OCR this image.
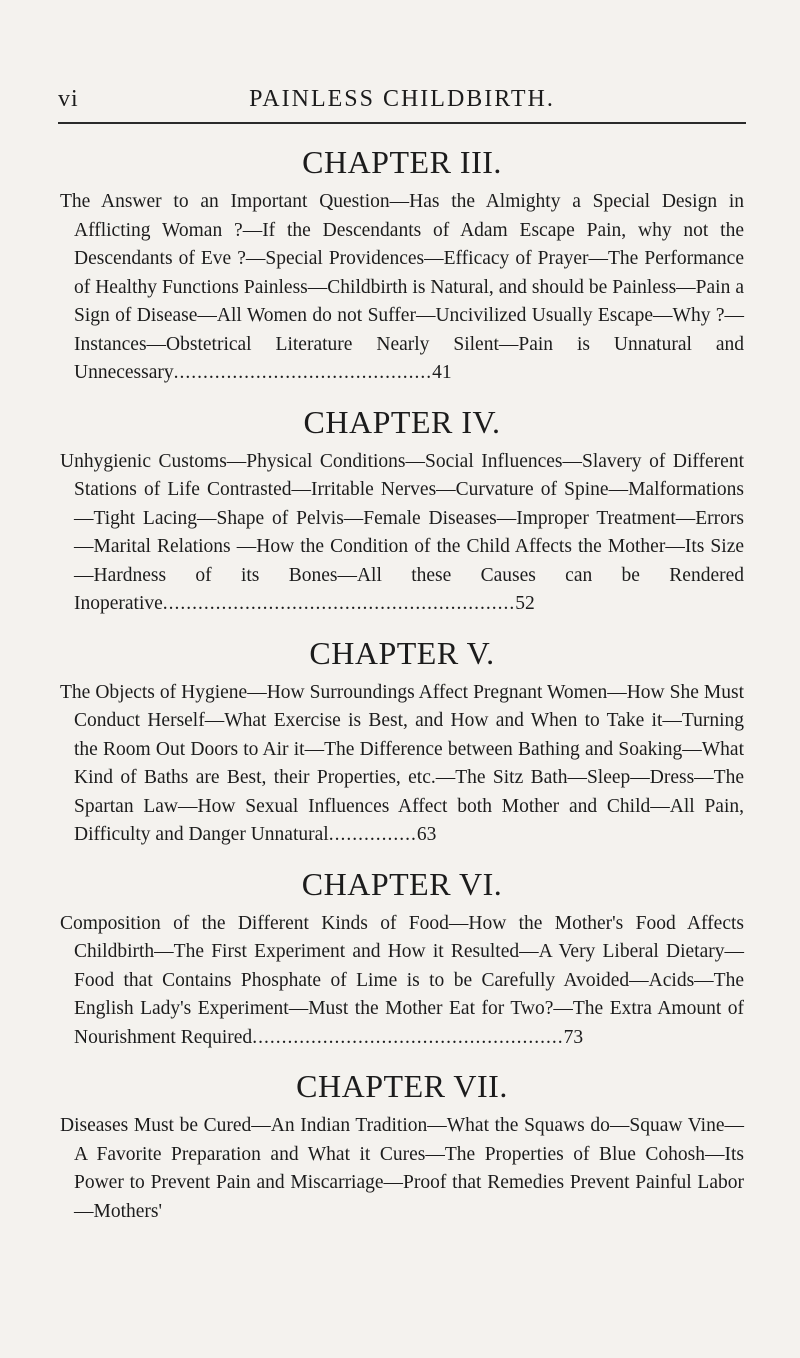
vi	PAINLESS CHILDBIRTH.
CHAPTER III.

The Answer to an Important Question—Has the Almighty a Special Design in Afflicting Woman ?—If the Descendants of Adam Escape Pain, why not the Descendants of Eve ?—Special Providences—Efficacy of Prayer—The Performance of Healthy Functions Painless—Childbirth is Natural, and should be Painless—Pain a Sign of Disease—All Women do not Suffer—Uncivilized Usually Escape—Why ?—Instances—Obstetrical Literature Nearly Silent—Pain is Unnatural and Unnecessary............................................41

CHAPTER IV.

Unhygienic Customs—Physical Conditions—Social Influences—Slavery of Different Stations of Life Contrasted—Irritable Nerves—Curvature of Spine—Malformations—Tight Lacing—Shape of Pelvis—Female Diseases—Improper Treatment—Errors—Marital Relations —How the Condition of the Child Affects the Mother—Its Size—Hardness of its Bones—All these Causes can be Rendered Inoperative............................................................52

CHAPTER V.

The Objects of Hygiene—How Surroundings Affect Pregnant Women—How She Must Conduct Herself—What Exercise is Best, and How and When to Take it—Turning the Room Out Doors to Air it—The Difference between Bathing and Soaking—What Kind of Baths are Best, their Properties, etc.—The Sitz Bath—Sleep—Dress—The Spartan Law—How Sexual Influences Affect both Mother and Child—All Pain, Difficulty and Danger Unnatural...............63

CHAPTER VI.

Composition of the Different Kinds of Food—How the Mother's Food Affects Childbirth—The First Experiment and How it Resulted—A Very Liberal Dietary—Food that Contains Phosphate of Lime is to be Carefully Avoided—Acids—The English Lady's Experiment—Must the Mother Eat for Two?—The Extra Amount of Nourishment Required.....................................................73

CHAPTER VII.

Diseases Must be Cured—An Indian Tradition—What the Squaws do—Squaw Vine—A Favorite Preparation and What it Cures—The Properties of Blue Cohosh—Its Power to Prevent Pain and Miscarriage—Proof that Remedies Prevent Painful Labor—Mothers'
